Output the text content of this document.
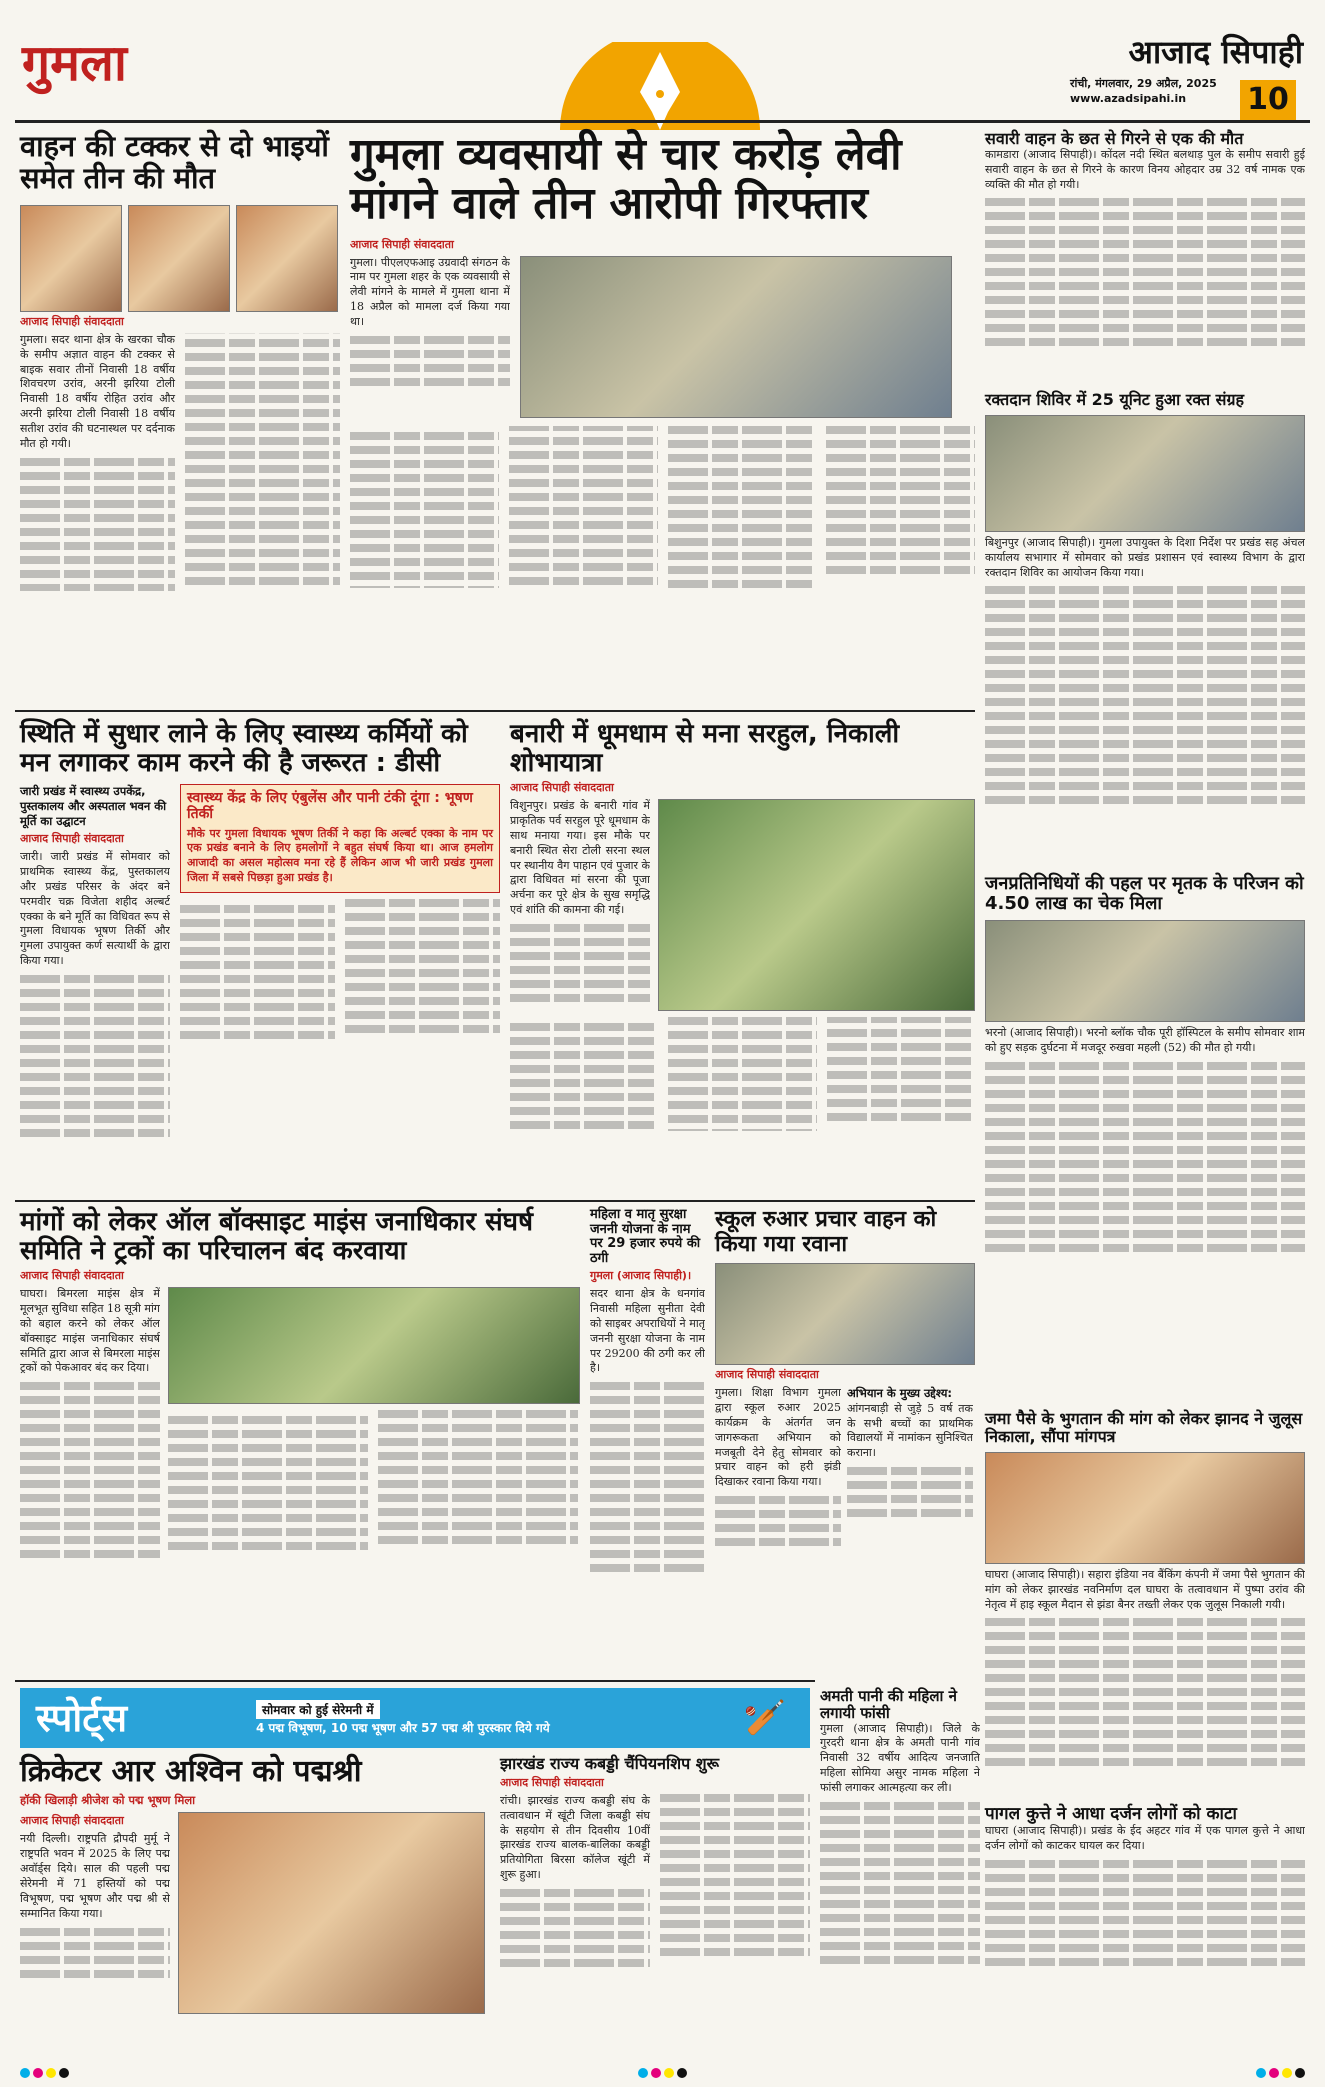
गुमला	आजाद सिपाही
रांची, मंगलवार, 29 अप्रैल, 2025
www.azadsipahi.in 10
वाहन की टक्कर से दो भाइयों समेत तीन की मौत
आजाद सिपाही संवाददाता

गुमला। सदर थाना क्षेत्र के खरका चौक के समीप अज्ञात वाहन की टक्कर से बाइक सवार तीनों निवासी 18 वर्षीय शिवचरण उरांव, अरनी झरिया टोली निवासी 18 वर्षीय रोहित उरांव और अरनी झरिया टोली निवासी 18 वर्षीय सतीश उरांव की घटनास्थल पर दर्दनाक मौत हो गयी।

गुमला व्यवसायी से चार करोड़ लेवी मांगने वाले तीन आरोपी गिरफ्तार
आजाद सिपाही संवाददाता

गुमला। पीएलएफआइ उग्रवादी संगठन के नाम पर गुमला शहर के एक व्यवसायी से लेवी मांगने के मामले में गुमला थाना में 18 अप्रैल को मामला दर्ज किया गया था।

सवारी वाहन के छत से गिरने से एक की मौत

कामडारा (आजाद सिपाही)। कोंदल नदी स्थित बलथाड़ पुल के समीप सवारी हुई सवारी वाहन के छत से गिरने के कारण विनय ओहदार उम्र 32 वर्ष नामक एक व्यक्ति की मौत हो गयी।

रक्तदान शिविर में 25 यूनिट हुआ रक्त संग्रह

बिशुनपुर (आजाद सिपाही)। गुमला उपायुक्त के दिशा निर्देश पर प्रखंड सह अंचल कार्यालय सभागार में सोमवार को प्रखंड प्रशासन एवं स्वास्थ्य विभाग के द्वारा रक्तदान शिविर का आयोजन किया गया।

जनप्रतिनिधियों की पहल पर मृतक के परिजन को 4.50 लाख का चेक मिला

भरनो (आजाद सिपाही)। भरनो ब्लॉक चौक पूरी हॉस्पिटल के समीप सोमवार शाम को हुए सड़क दुर्घटना में मजदूर रुखवा महली (52) की मौत हो गयी।

स्थिति में सुधार लाने के लिए स्वास्थ्य कर्मियों को मन लगाकर काम करने की है जरूरत : डीसी
जारी प्रखंड में स्वास्थ्य उपकेंद्र, पुस्तकालय और अस्पताल भवन की मूर्ति का उद्घाटन
आजाद सिपाही संवाददाता

जारी। जारी प्रखंड में सोमवार को प्राथमिक स्वास्थ्य केंद्र, पुस्तकालय और प्रखंड परिसर के अंदर बने परमवीर चक्र विजेता शहीद अल्बर्ट एक्का के बने मूर्ति का विधिवत रूप से गुमला विधायक भूषण तिर्की और गुमला उपायुक्त कर्ण सत्यार्थी के द्वारा किया गया।

स्वास्थ्य केंद्र के लिए एंबुलेंस और पानी टंकी दूंगा : भूषण तिर्की

मौके पर गुमला विधायक भूषण तिर्की ने कहा कि अल्बर्ट एक्का के नाम पर एक प्रखंड बनाने के लिए हमलोगों ने बहुत संघर्ष किया था। आज हमलोग आजादी का असल महोत्सव मना रहे हैं लेकिन आज भी जारी प्रखंड गुमला जिला में सबसे पिछड़ा हुआ प्रखंड है।

बनारी में धूमधाम से मना सरहुल, निकाली शोभायात्रा
आजाद सिपाही संवाददाता

विशुनपुर। प्रखंड के बनारी गांव में प्राकृतिक पर्व सरहुल पूरे धूमधाम के साथ मनाया गया। इस मौके पर बनारी स्थित सेरा टोली सरना स्थल पर स्थानीय वैग पाहान एवं पुजार के द्वारा विधिवत मां सरना की पूजा अर्चना कर पूरे क्षेत्र के सुख समृद्धि एवं शांति की कामना की गई।

मांगों को लेकर ऑल बॉक्साइट माइंस जनाधिकार संघर्ष समिति ने ट्रकों का परिचालन बंद करवाया
आजाद सिपाही संवाददाता

घाघरा। बिमरला माइंस क्षेत्र में मूलभूत सुविधा सहित 18 सूत्री मांग को बहाल करने को लेकर ऑल बॉक्साइट माइंस जनाधिकार संघर्ष समिति द्वारा आज से बिमरला माइंस ट्रकों को पेकआवर बंद कर दिया।

महिला व मातृ सुरक्षा जननी योजना के नाम पर 29 हजार रुपये की ठगी
गुमला (आजाद सिपाही)।

सदर थाना क्षेत्र के धनगांव निवासी महिला सुनीता देवी को साइबर अपराधियों ने मातृ जननी सुरक्षा योजना के नाम पर 29200 की ठगी कर ली है।

स्कूल रुआर प्रचार वाहन को किया गया रवाना
आजाद सिपाही संवाददाता

गुमला। शिक्षा विभाग गुमला द्वारा स्कूल रुआर 2025 कार्यक्रम के अंतर्गत जन जागरूकता अभियान को मजबूती देने हेतु सोमवार को प्रचार वाहन को हरी झंडी दिखाकर रवाना किया गया।

अभियान के मुख्य उद्देश्य:

आंगनबाड़ी से जुड़े 5 वर्ष तक के सभी बच्चों का प्राथमिक विद्यालयों में नामांकन सुनिश्चित कराना।

जमा पैसे के भुगतान की मांग को लेकर झानद ने जुलूस निकाला, सौंपा मांगपत्र

घाघरा (आजाद सिपाही)। सहारा इंडिया नव बैंकिंग कंपनी में जमा पैसे भुगतान की मांग को लेकर झारखंड नवनिर्माण दल घाघरा के तत्वावधान में पुष्पा उरांव की नेतृत्व में हाइ स्कूल मैदान से झंडा बैनर तख्ती लेकर एक जुलूस निकाली गयी।

स्पोर्ट्स	सोमवार को हुई सेरेमनी में
4 पद्म विभूषण, 10 पद्म भूषण और 57 पद्म श्री पुरस्कार दिये गये	🏏
क्रिकेटर आर अश्विन को पद्मश्री
हॉकी खिलाड़ी श्रीजेश को पद्म भूषण मिला
आजाद सिपाही संवाददाता

नयी दिल्ली। राष्ट्रपति द्रौपदी मुर्मू ने राष्ट्रपति भवन में 2025 के लिए पद्म अवॉर्ड्स दिये। साल की पहली पद्म सेरेमनी में 71 हस्तियों को पद्म विभूषण, पद्म भूषण और पद्म श्री से सम्मानित किया गया।

झारखंड राज्य कबड्डी चैंपियनशिप शुरू
आजाद सिपाही संवाददाता

रांची। झारखंड राज्य कबड्डी संघ के तत्वावधान में खूंटी जिला कबड्डी संघ के सहयोग से तीन दिवसीय 10वीं झारखंड राज्य बालक-बालिका कबड्डी प्रतियोगिता बिरसा कॉलेज खूंटी में शुरू हुआ।

अमती पानी की महिला ने लगायी फांसी

गुमला (आजाद सिपाही)। जिले के गुरदरी थाना क्षेत्र के अमती पानी गांव निवासी 32 वर्षीय आदित्य जनजाति महिला सोमिया असुर नामक महिला ने फांसी लगाकर आत्महत्या कर ली।

पागल कुत्ते ने आधा दर्जन लोगों को काटा

घाघरा (आजाद सिपाही)। प्रखंड के ईद अहटर गांव में एक पागल कुत्ते ने आधा दर्जन लोगों को काटकर घायल कर दिया।
